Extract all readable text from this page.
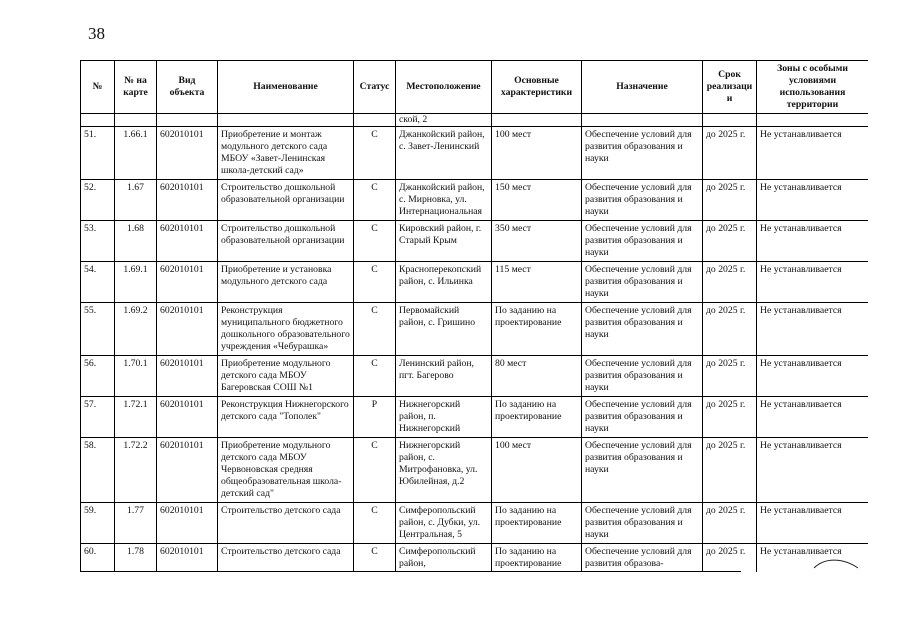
38
№	№ на карте	Вид объекта	Наименование	Статус	Местоположение	Основные характеристики	Назначение	Срок реализации	Зоны с особыми условиями использования территории
					ской, 2				
51.	1.66.1	602010101	Приобретение и монтаж модульного детского сада МБОУ «Завет-Ленинская школа-детский сад»	С	Джанкойский район, с. Завет-Ленинский	100 мест	Обеспечение условий для развития образования и науки	до 2025 г.	Не устанавливается
52.	1.67	602010101	Строительство дошкольной образовательной организации	С	Джанкойский район, с. Мирновка, ул. Интернациональная	150 мест	Обеспечение условий для развития образования и науки	до 2025 г.	Не устанавливается
53.	1.68	602010101	Строительство дошкольной образовательной организации	С	Кировский район, г. Старый Крым	350 мест	Обеспечение условий для развития образования и науки	до 2025 г.	Не устанавливается
54.	1.69.1	602010101	Приобретение и установка модульного детского сада	С	Красноперекопский район, с. Ильинка	115 мест	Обеспечение условий для развития образования и науки	до 2025 г.	Не устанавливается
55.	1.69.2	602010101	Реконструкция муниципального бюджетного дошкольного образовательного учреждения «Чебурашка»	С	Первомайский район, с. Гришино	По заданию на проектирование	Обеспечение условий для развития образования и науки	до 2025 г.	Не устанавливается
56.	1.70.1	602010101	Приобретение модульного детского сада МБОУ Багеровская СОШ №1	С	Ленинский район, пгт. Багерово	80 мест	Обеспечение условий для развития образования и науки	до 2025 г.	Не устанавливается
57.	1.72.1	602010101	Реконструкция Нижнегорского детского сада "Тополек"	Р	Нижнегорский район, п. Нижнегорский	По заданию на проектирование	Обеспечение условий для развития образования и науки	до 2025 г.	Не устанавливается
58.	1.72.2	602010101	Приобретение модульного детского сада МБОУ Червоновская средняя общеобразовательная школа-детский сад"	С	Нижнегорский район, с. Митрофановка, ул. Юбилейная, д.2	100 мест	Обеспечение условий для развития образования и науки	до 2025 г.	Не устанавливается
59.	1.77	602010101	Строительство детского сада	С	Симферопольский район, с. Дубки, ул. Центральная, 5	По заданию на проектирование	Обеспечение условий для развития образования и науки	до 2025 г.	Не устанавливается
60.	1.78	602010101	Строительство детского сада	С	Симферопольский район,	По заданию на проектирование	Обеспечение условий для развития образова-	до 2025 г.	Не устанавливается
